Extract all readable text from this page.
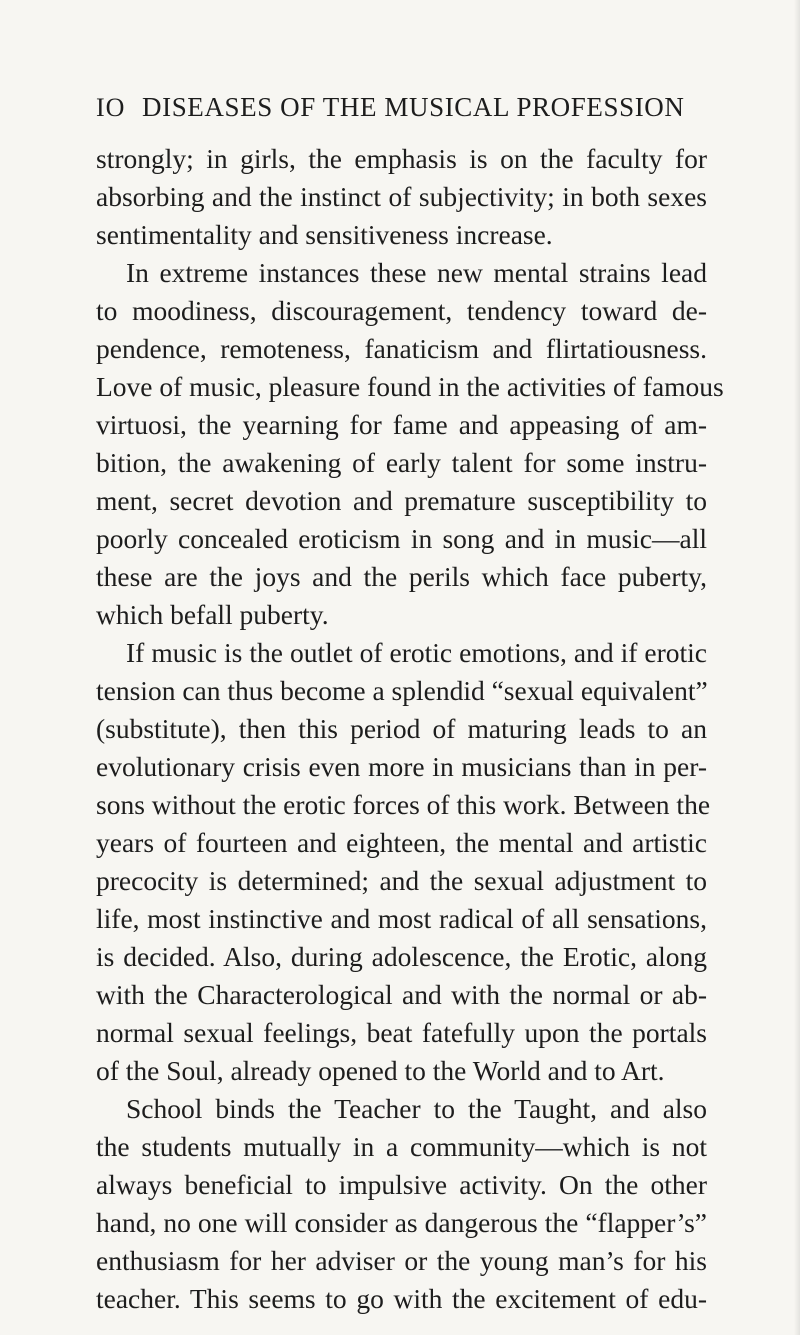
IO DISEASES OF THE MUSICAL PROFESSION
strongly; in girls, the emphasis is on the faculty for
absorbing and the instinct of subjectivity; in both sexes
sentimentality and sensitiveness increase.
In extreme instances these new mental strains lead
to moodiness, discouragement, tendency toward de-
pendence, remoteness, fanaticism and flirtatiousness.
Love of music, pleasure found in the activities of famous
virtuosi, the yearning for fame and appeasing of am-
bition, the awakening of early talent for some instru-
ment, secret devotion and premature susceptibility to
poorly concealed eroticism in song and in music—all
these are the joys and the perils which face puberty,
which befall puberty.
If music is the outlet of erotic emotions, and if erotic
tension can thus become a splendid “sexual equivalent”
(substitute), then this period of maturing leads to an
evolutionary crisis even more in musicians than in per-
sons without the erotic forces of this work. Between the
years of fourteen and eighteen, the mental and artistic
precocity is determined; and the sexual adjustment to
life, most instinctive and most radical of all sensations,
is decided. Also, during adolescence, the Erotic, along
with the Characterological and with the normal or ab-
normal sexual feelings, beat fatefully upon the portals
of the Soul, already opened to the World and to Art.
School binds the Teacher to the Taught, and also
the students mutually in a community—which is not
always beneficial to impulsive activity. On the other
hand, no one will consider as dangerous the “flapper’s”
enthusiasm for her adviser or the young man’s for his
teacher. This seems to go with the excitement of edu-
